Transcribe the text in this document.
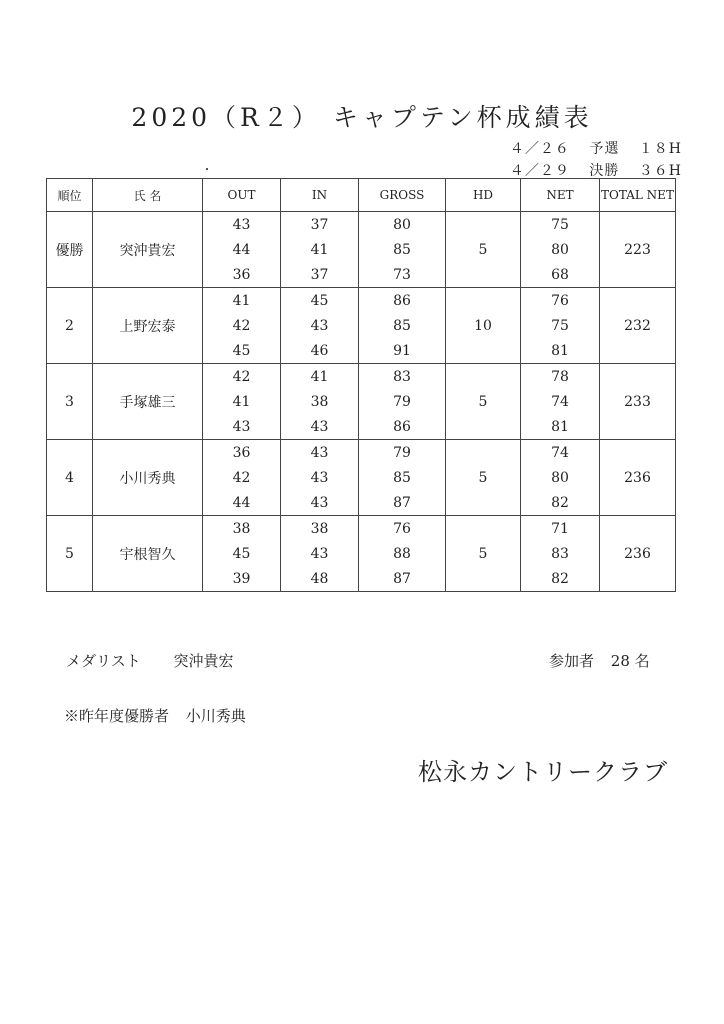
2020（R２） キャプテン杯成績表
４／２６ 予選 １８H
４／２９ 決勝 ３６H
順位	氏 名	OUT	IN	GROSS	HD	NET	TOTAL NET
優勝	突沖貴宏	43	37	80	5	75	223
		44	41	85		80	
		36	37	73		68	
2	上野宏泰	41	45	86	10	76	232
		42	43	85		75	
		45	46	91		81	
3	手塚雄三	42	41	83	5	78	233
		41	38	79		74	
		43	43	86		81	
4	小川秀典	36	43	79	5	74	236
		42	43	85		80	
		44	43	87		82	
5	宇根智久	38	38	76	5	71	236
		45	43	88		83	
		39	48	87		82	
メダリスト 突沖貴宏	参加者 28 名
※昨年度優勝者 小川秀典
松永カントリークラブ
